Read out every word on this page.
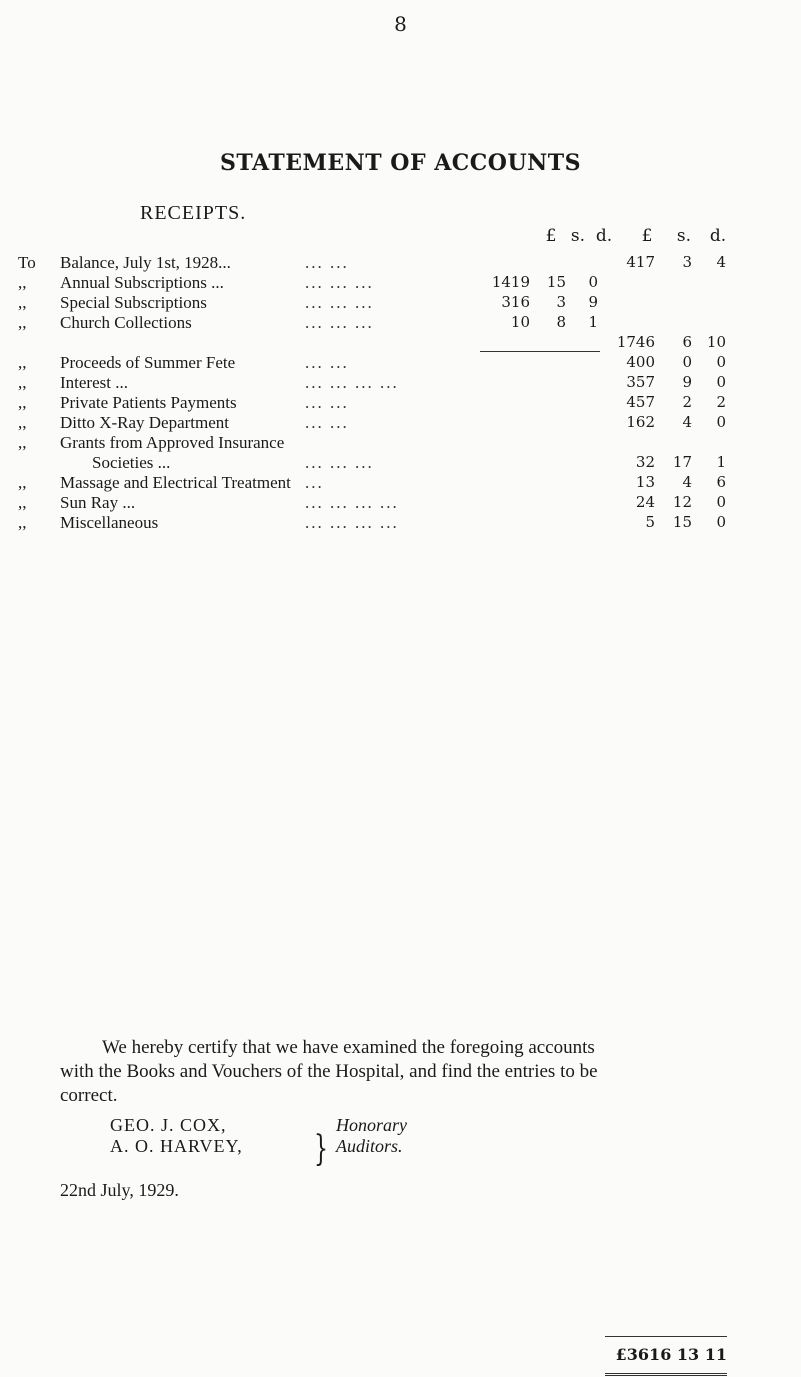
8
STATEMENT OF ACCOUNTS
RECEIPTS.
£ s. d.	£	s. d.
To	Balance, July 1st, 1928...	... ...	417	3	4
,,	Annual Subscriptions ...	... ... ...	1419	15	0
,,	Special Subscriptions	... ... ...	316	3	9
,,	Church Collections	... ... ...	10	8	1
1746	6 10
,,	Proceeds of Summer Fete	... ...	400	0	0
,,	Interest ...	... ... ... ...	357	9	0
,,	Private Patients Payments	... ...	457	2	2
,,	Ditto X-Ray Department	... ...	162	4	0
,,	Grants from Approved Insurance
Societies ...	... ... ...	32	17	1
,,	Massage and Electrical Treatment ...	13	4	6
,,	Sun Ray ...	... ... ... ...	24	12	0
,,	Miscellaneous	... ... ... ...	5	15	0
We hereby certify that we have examined the foregoing accounts with the Books and Vouchers of the Hospital, and find the entries to be correct.
GEO. J. COX,
A. O. HARVEY,	}
Honorary
Auditors.
22nd July, 1929.
£3616 13 11
